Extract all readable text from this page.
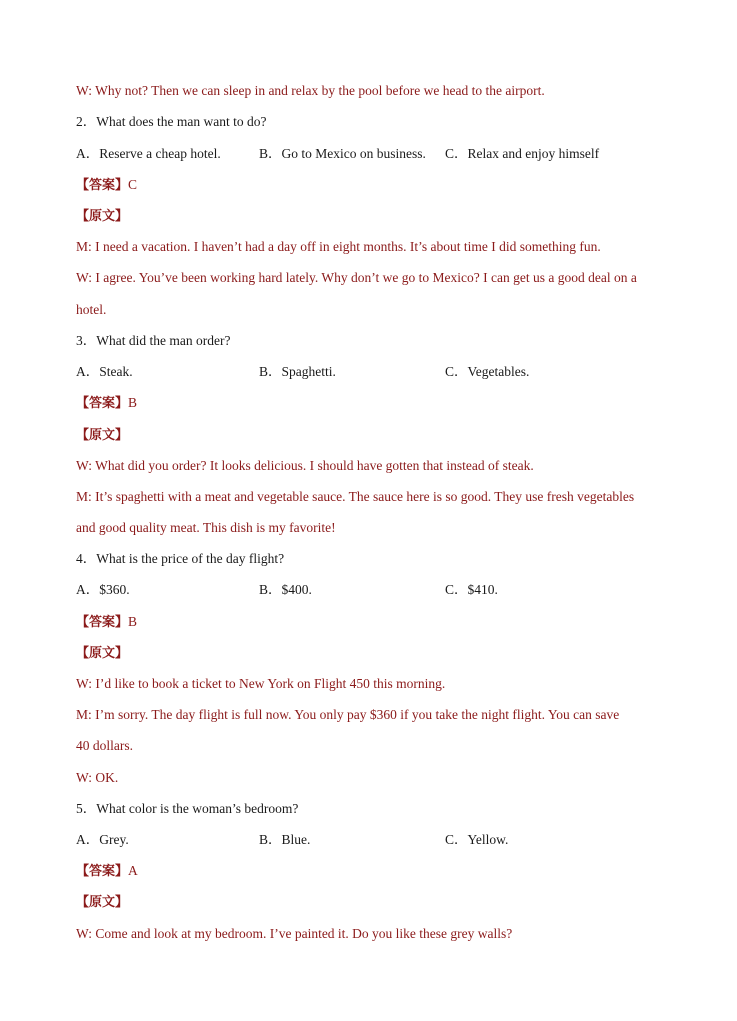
W: Why not? Then we can sleep in and relax by the pool before we head to the airport.
2．What does the man want to do?
A．Reserve a cheap hotel.	B．Go to Mexico on business. C．Relax and enjoy himself
【答案】C
【原文】
M: I need a vacation. I haven’t had a day off in eight months. It’s about time I did something fun.
W: I agree. You’ve been working hard lately. Why don’t we go to Mexico? I can get us a good deal on a
hotel.
3．What did the man order?
A．Steak.	B．Spaghetti.	C．Vegetables.
【答案】B
【原文】
W: What did you order? It looks delicious. I should have gotten that instead of steak.
M: It’s spaghetti with a meat and vegetable sauce. The sauce here is so good. They use fresh vegetables
and good quality meat. This dish is my favorite!
4．What is the price of the day flight?
A．$360.	B．$400.	C．$410.
【答案】B
【原文】
W: I’d like to book a ticket to New York on Flight 450 this morning.
M: I’m sorry. The day flight is full now. You only pay $360 if you take the night flight. You can save
40 dollars.
W: OK.
5．What color is the woman’s bedroom?
A．Grey.	B．Blue.	C．Yellow.
【答案】A
【原文】
W: Come and look at my bedroom. I’ve painted it. Do you like these grey walls?
